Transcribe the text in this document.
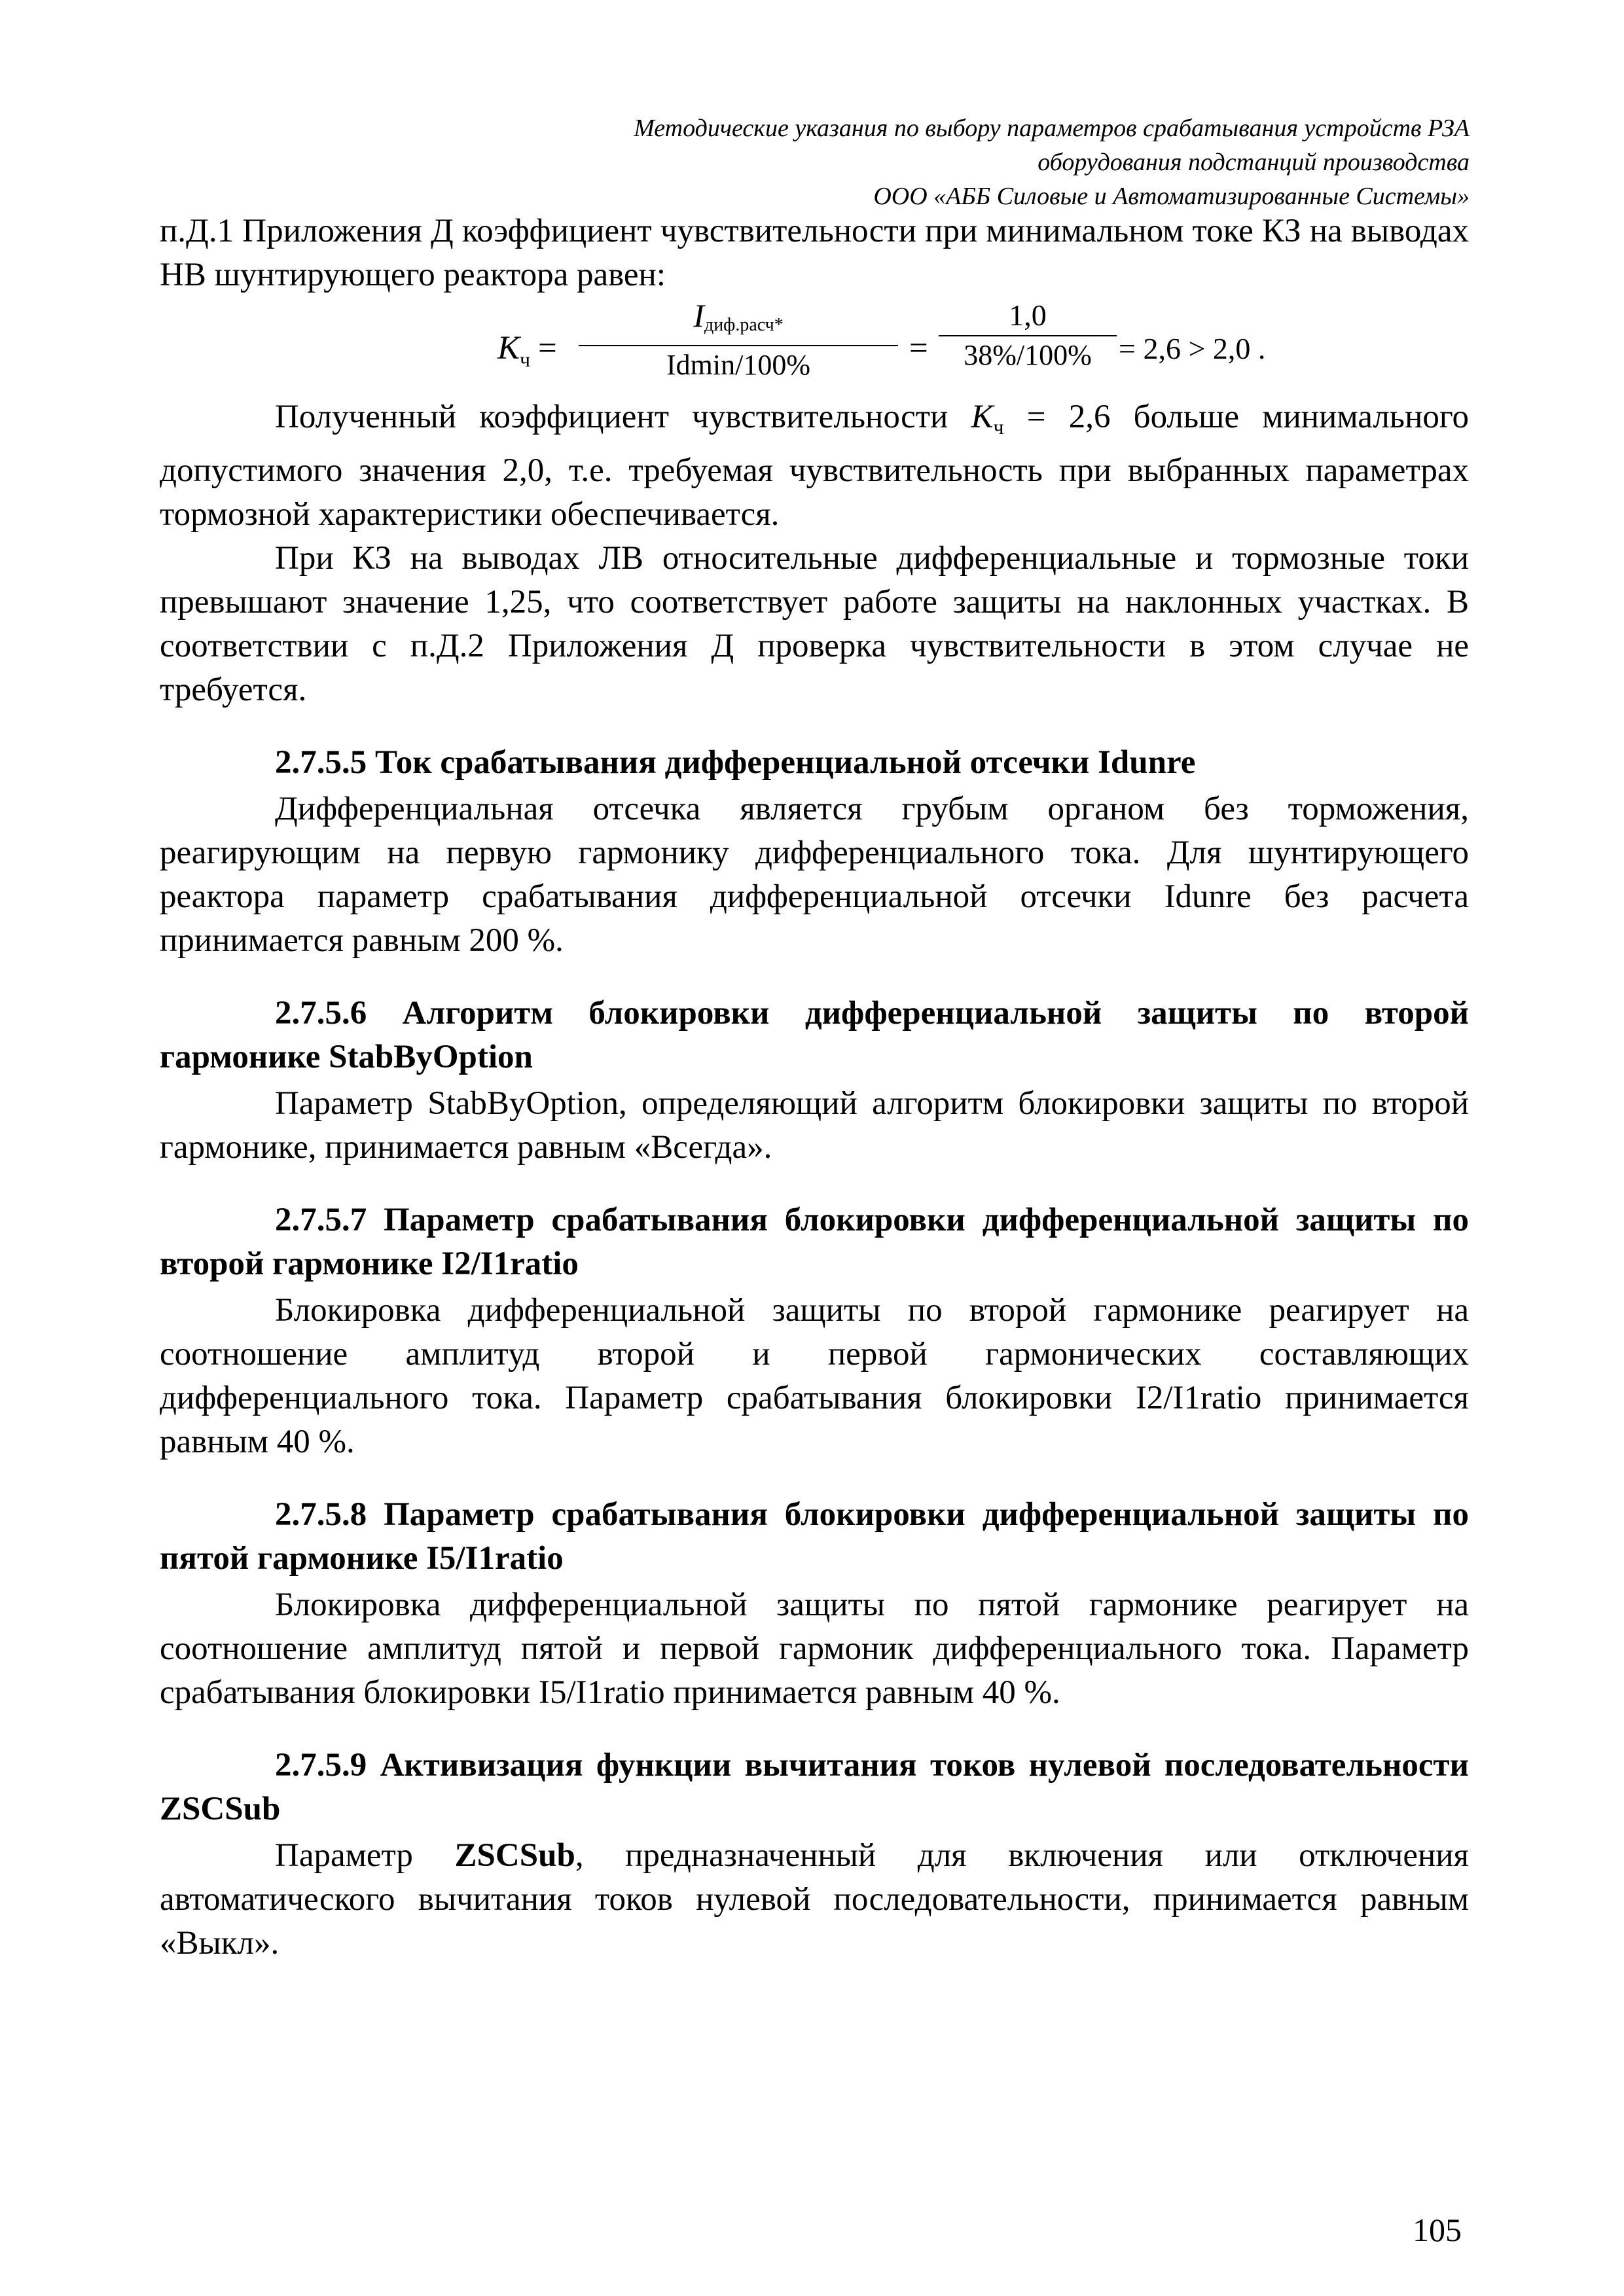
Методические указания по выбору параметров срабатывания устройств РЗА
оборудования подстанций производства
ООО «АББ Силовые и Автоматизированные Системы»

п.Д.1 Приложения Д коэффициент чувствительности при минимальном токе КЗ на выводах НВ шунтирующего реактора равен:

$K_ч$ =
$I_{диф.расч*}$
Idmin/100%	=
1,0
38%/100% = 2,6 > 2,0 .

Полученный коэффициент чувствительности $K_ч = 2,6$ больше минимального допустимого значения 2,0, т.е. требуемая чувствительность при выбранных параметрах тормозной характеристики обеспечивается.

При КЗ на выводах ЛВ относительные дифференциальные и тормозные токи превышают значение 1,25, что соответствует работе защиты на наклонных участках. В соответствии с п.Д.2 Приложения Д проверка чувствительности в этом случае не требуется.

2.7.5.5 Ток срабатывания дифференциальной отсечки Idunre

Дифференциальная отсечка является грубым органом без торможения, реагирующим на первую гармонику дифференциального тока. Для шунтирующего реактора параметр срабатывания дифференциальной отсечки Idunre без расчета принимается равным 200 %.

2.7.5.6 Алгоритм блокировки дифференциальной защиты по второй гармонике StabByOption

Параметр StabByOption, определяющий алгоритм блокировки защиты по второй гармонике, принимается равным «Всегда».

2.7.5.7 Параметр срабатывания блокировки дифференциальной защиты по второй гармонике I2/I1ratio

Блокировка дифференциальной защиты по второй гармонике реагирует на соотношение амплитуд второй и первой гармонических составляющих дифференциального тока. Параметр срабатывания блокировки I2/I1ratio принимается равным 40 %.

2.7.5.8 Параметр срабатывания блокировки дифференциальной защиты по пятой гармонике I5/I1ratio

Блокировка дифференциальной защиты по пятой гармонике реагирует на соотношение амплитуд пятой и первой гармоник дифференциального тока. Параметр срабатывания блокировки I5/I1ratio принимается равным 40 %.

2.7.5.9 Активизация функции вычитания токов нулевой последовательности ZSCSub

Параметр ZSCSub, предназначенный для включения или отключения автоматического вычитания токов нулевой последовательности, принимается равным «Выкл».

105
